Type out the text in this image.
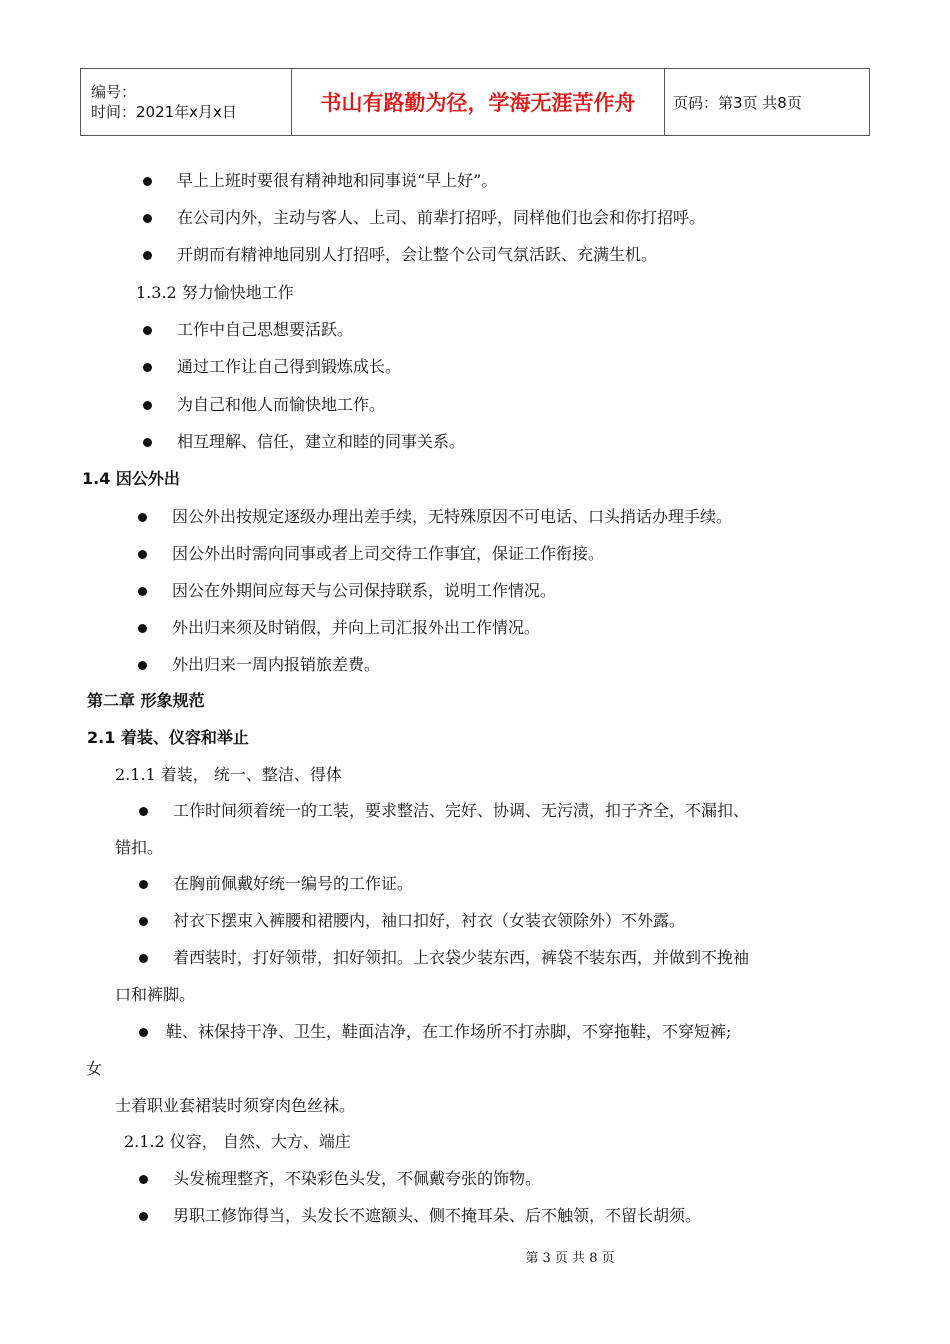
编号：
时间：2021年x月x日	书山有路勤为径，学海无涯苦作舟	页码：第3页 共8页
早上上班时要很有精神地和同事说“早上好”。
在公司内外，主动与客人、上司、前辈打招呼，同样他们也会和你打招呼。
开朗而有精神地同别人打招呼，会让整个公司气氛活跃、充满生机。
1.3.2 努力愉快地工作
工作中自己思想要活跃。
通过工作让自己得到锻炼成长。
为自己和他人而愉快地工作。
相互理解、信任，建立和睦的同事关系。
1.4 因公外出
因公外出按规定逐级办理出差手续，无特殊原因不可电话、口头捎话办理手续。
因公外出时需向同事或者上司交待工作事宜，保证工作衔接。
因公在外期间应每天与公司保持联系，说明工作情况。
外出归来须及时销假，并向上司汇报外出工作情况。
外出归来一周内报销旅差费。
第二章 形象规范
2.1 着装、仪容和举止
2.1.1 着装， 统一、整洁、得体
工作时间须着统一的工装，要求整洁、完好、协调、无污渍，扣子齐全，不漏扣、
错扣。
在胸前佩戴好统一编号的工作证。
衬衣下摆束入裤腰和裙腰内，袖口扣好，衬衣（女装衣领除外）不外露。
着西装时，打好领带，扣好领扣。上衣袋少装东西，裤袋不装东西，并做到不挽袖
口和裤脚。
鞋、袜保持干净、卫生，鞋面洁净，在工作场所不打赤脚，不穿拖鞋，不穿短裤;
女
士着职业套裙装时须穿肉色丝袜。
2.1.2 仪容， 自然、大方、端庄
头发梳理整齐，不染彩色头发，不佩戴夸张的饰物。
男职工修饰得当，头发长不遮额头、侧不掩耳朵、后不触领，不留长胡须。
第 3 页 共 8 页
